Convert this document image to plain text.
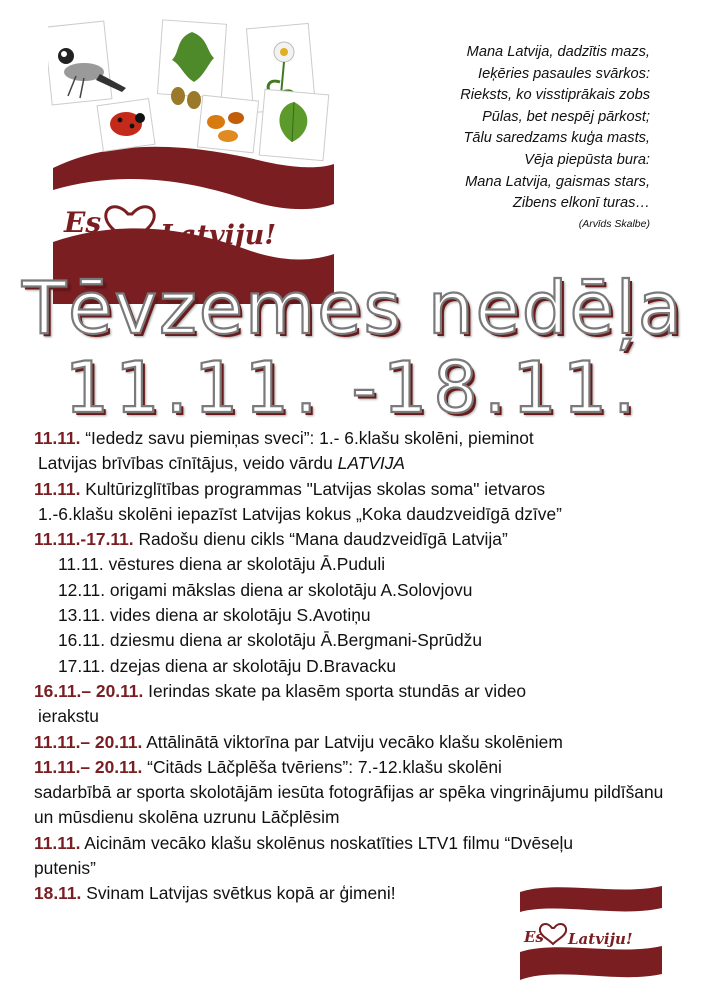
Es Latviju!
Mana Latvija, dadzītis mazs,
Ieķēries pasaules svārkos:
Rieksts, ko visstiprākais zobs
Pūlas, bet nespēj pārkost;
Tālu saredzams kuģa masts,
Vēja piepūsta bura:
Mana Latvija, gaismas stars,
Zibens elkonī turas…
(Arvīds Skalbe)
Tēvzemes nedēļa
11.11. -18.11.

11.11. “Iededz savu piemiņas sveci”: 1.- 6.klašu skolēni, pieminot

Latvijas brīvības cīnītājus, veido vārdu LATVIJA

11.11. Kultūrizglītības programmas "Latvijas skolas soma" ietvaros

1.-6.klašu skolēni iepazīst Latvijas kokus „Koka daudzveidīgā dzīve”

11.11.-17.11. Radošu dienu cikls “Mana daudzveidīgā Latvija”

11.11. vēstures diena ar skolotāju Ā.Puduli

12.11. origami mākslas diena ar skolotāju A.Solovjovu

13.11. vides diena ar skolotāju S.Avotiņu

16.11. dziesmu diena ar skolotāju Ā.Bergmani-Sprūdžu

17.11. dzejas diena ar skolotāju D.Bravacku

16.11.– 20.11. Ierindas skate pa klasēm sporta stundās ar video

ierakstu

11.11.– 20.11. Attālinātā viktorīna par Latviju vecāko klašu skolēniem

11.11.– 20.11. “Citāds Lāčplēša tvēriens”: 7.-12.klašu skolēni

sadarbībā ar sporta skolotājām iesūta fotogrāfijas ar spēka vingrinājumu pildīšanu un mūsdienu skolēna uzrunu Lāčplēsim

11.11. Aicinām vecāko klašu skolēnus noskatīties LTV1 filmu “Dvēseļu

putenis”

18.11. Svinam Latvijas svētkus kopā ar ģimeni!

Es Latviju!
